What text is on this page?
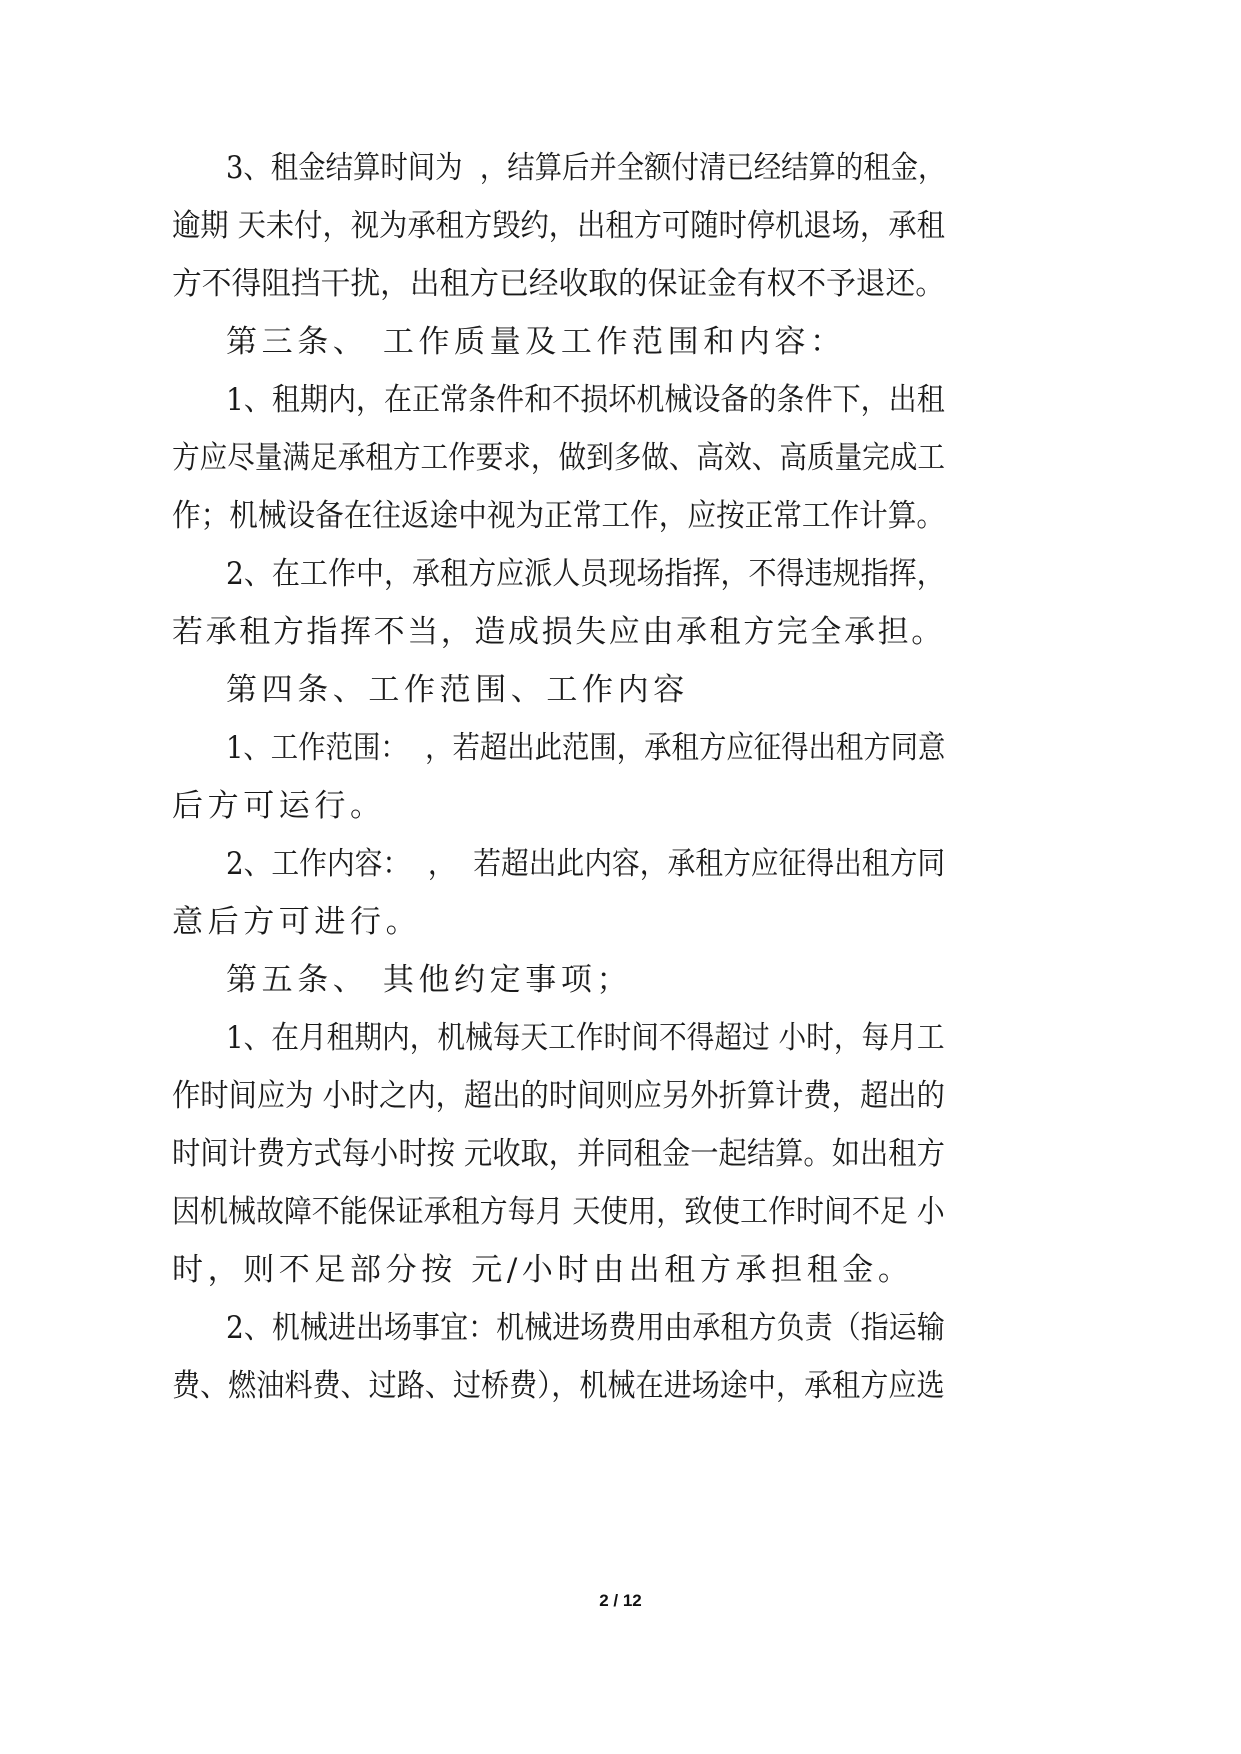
3、租金结算时间为  ，结算后并全额付清已经结算的租金，
逾期 天未付，视为承租方毁约，出租方可随时停机退场，承租
方不得阻挡干扰，出租方已经收取的保证金有权不予退还。
第三条、 工作质量及工作范围和内容：
1、租期内，在正常条件和不损坏机械设备的条件下，出租
方应尽量满足承租方工作要求，做到多做、高效、高质量完成工
作；机械设备在往返途中视为正常工作，应按正常工作计算。
2、在工作中，承租方应派人员现场指挥，不得违规指挥，
若承租方指挥不当，造成损失应由承租方完全承担。
第四条、工作范围、工作内容
1、工作范围：  ，若超出此范围，承租方应征得出租方同意
后方可运行。
2、工作内容：  ，  若超出此内容，承租方应征得出租方同
意后方可进行。
第五条、 其他约定事项；
1、在月租期内，机械每天工作时间不得超过 小时，每月工
作时间应为 小时之内，超出的时间则应另外折算计费，超出的
时间计费方式每小时按 元收取，并同租金一起结算。如出租方
因机械故障不能保证承租方每月 天使用，致使工作时间不足 小
时，则不足部分按 元/小时由出租方承担租金。
2、机械进出场事宜：机械进场费用由承租方负责（指运输
费、燃油料费、过路、过桥费），机械在进场途中，承租方应选
2 / 12
